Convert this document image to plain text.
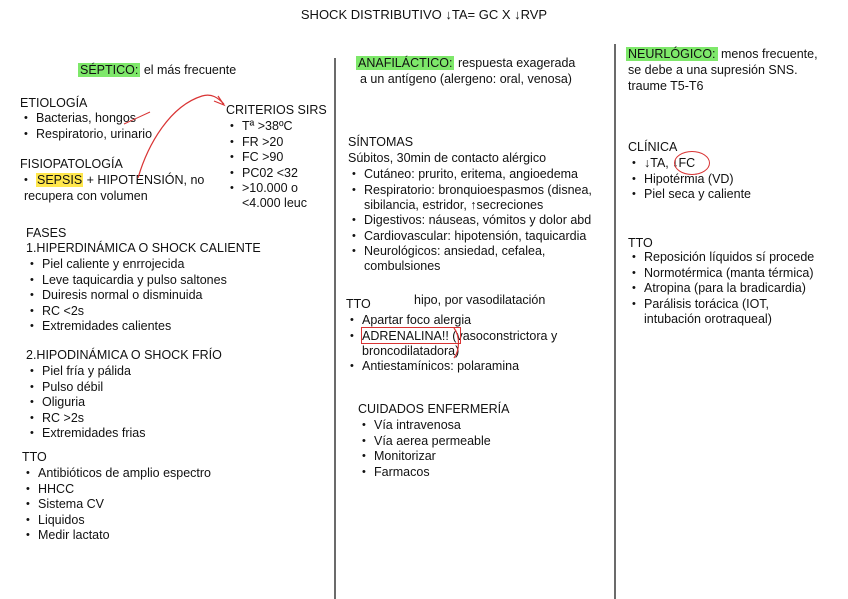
SHOCK DISTRIBUTIVO ↓TA= GC X ↓RVP
SÉPTICO: el más frecuente
ETIOLOGÍA
• Bacterias, hongos
• Respiratorio, urinario
FISIOPATOLOGÍA
• SEPSIS + HIPOTENSIÓN, no
recupera con volumen
CRITERIOS SIRS
• Tª >38ºC
• FR >20
• FC >90
• PC02 <32
• >10.000 o
<4.000 leuc
FASES
1.HIPERDINÁMICA O SHOCK CALIENTE
• Piel caliente y enrrojecida
• Leve taquicardia y pulso saltones
• Duiresis normal o disminuida
• RC <2s
• Extremidades calientes
2.HIPODINÁMICA O SHOCK FRÍO
• Piel fría y pálida
• Pulso débil
• Oliguria
• RC >2s
• Extremidades frias
TTO
• Antibióticos de amplio espectro
• HHCC
• Sistema CV
• Liquidos
• Medir lactato
ANAFILÁCTICO: respuesta exagerada
a un antígeno (alergeno: oral, venosa)
SÍNTOMAS
Súbitos, 30min de contacto alérgico
• Cutáneo: prurito, eritema, angioedema
• Respiratorio: bronquioespasmos (disnea,
sibilancia, estridor, ↑secreciones
• Digestivos: náuseas, vómitos y dolor abd
• Cardiovascular: hipotensión, taquicardia
• Neurológicos: ansiedad, cefalea,
combulsiones
TTO	hipo, por vasodilatación
• Apartar foco alergia
• ADRENALINA!! (vasoconstrictora y
broncodilatadora)
• Antiestamínicos: polaramina
CUIDADOS ENFERMERÍA
• Vía intravenosa
• Vía aerea permeable
• Monitorizar
• Farmacos
NEURLÓGICO: menos frecuente,
se debe a una supresión SNS.
traume T5-T6
CLÍNICA
• ↓TA, ↓FC
• Hipotérmia (VD)
• Piel seca y caliente
TTO
• Reposición líquidos sí procede
• Normotérmica (manta térmica)
• Atropina (para la bradicardia)
• Parálisis torácica (IOT,
intubación orotraqueal)
